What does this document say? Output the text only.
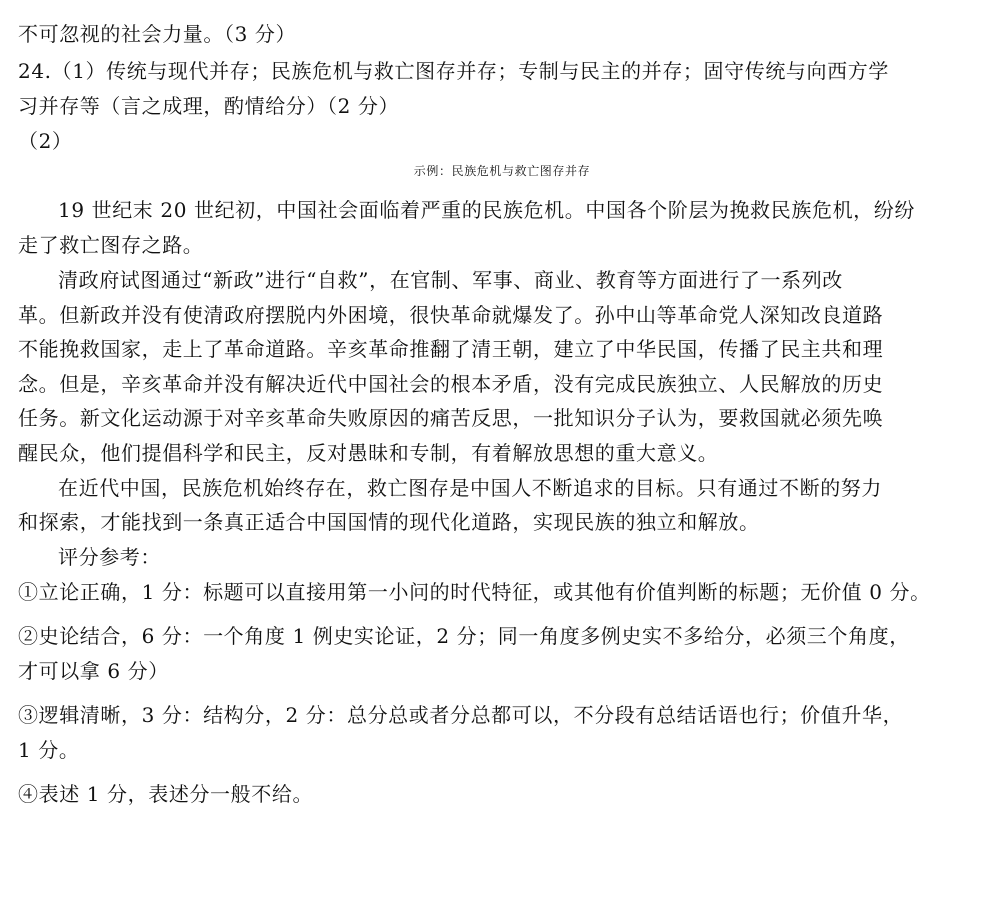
不可忽视的社会力量。（3 分）
24.（1）传统与现代并存；民族危机与救亡图存并存；专制与民主的并存；固守传统与向西方学
习并存等（言之成理，酌情给分）（2 分）
（2）
示例：民族危机与救亡图存并存
19 世纪末 20 世纪初，中国社会面临着严重的民族危机。中国各个阶层为挽救民族危机，纷纷
走了救亡图存之路。
清政府试图通过“新政”进行“自救”，在官制、军事、商业、教育等方面进行了一系列改
革。但新政并没有使清政府摆脱内外困境，很快革命就爆发了。孙中山等革命党人深知改良道路
不能挽救国家，走上了革命道路。辛亥革命推翻了清王朝，建立了中华民国，传播了民主共和理
念。但是，辛亥革命并没有解决近代中国社会的根本矛盾，没有完成民族独立、人民解放的历史
任务。新文化运动源于对辛亥革命失败原因的痛苦反思，一批知识分子认为，要救国就必须先唤
醒民众，他们提倡科学和民主，反对愚昧和专制，有着解放思想的重大意义。
在近代中国，民族危机始终存在，救亡图存是中国人不断追求的目标。只有通过不断的努力
和探索，才能找到一条真正适合中国国情的现代化道路，实现民族的独立和解放。
评分参考：
①立论正确，1 分：标题可以直接用第一小问的时代特征，或其他有价值判断的标题；无价值 0 分。
②史论结合，6 分：一个角度 1 例史实论证，2 分；同一角度多例史实不多给分，必须三个角度，
才可以拿 6 分）
③逻辑清晰，3 分：结构分，2 分：总分总或者分总都可以，不分段有总结话语也行；价值升华，
1 分。
④表述 1 分，表述分一般不给。
